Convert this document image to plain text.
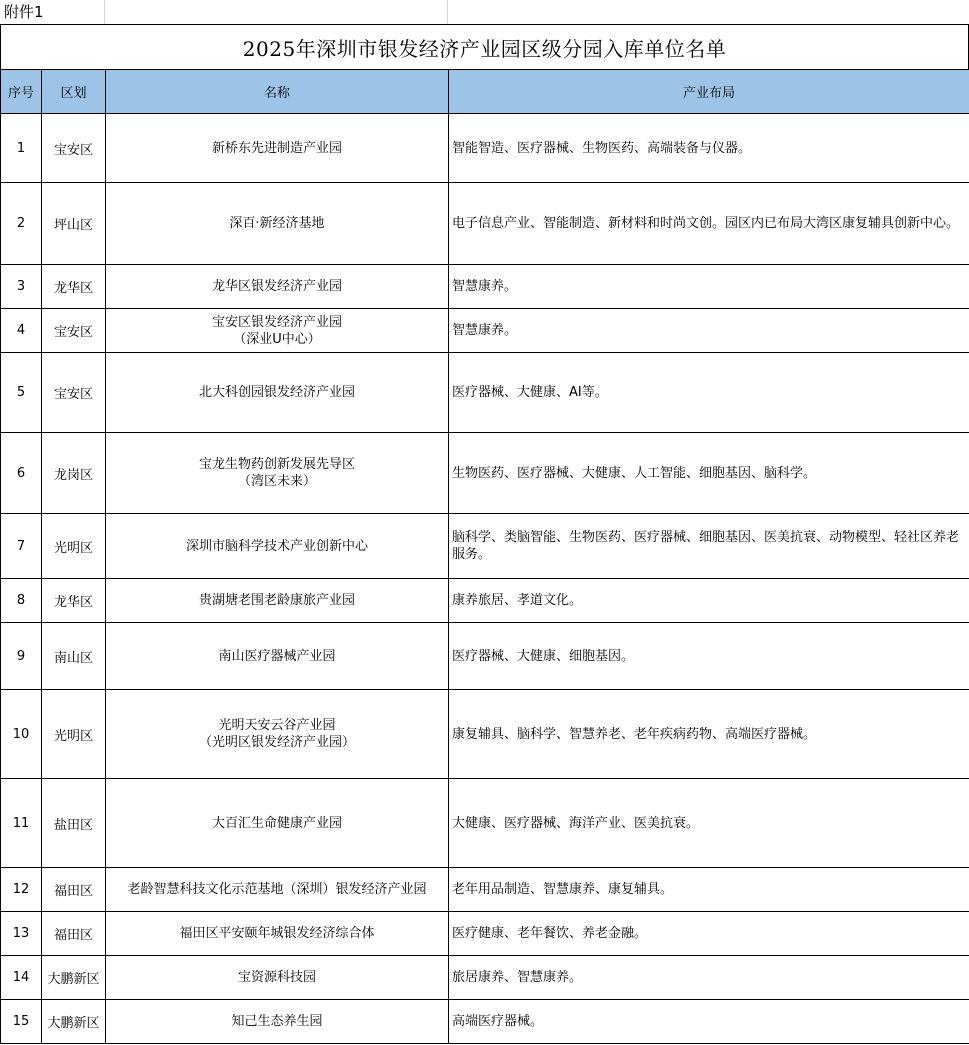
附件1
2025年深圳市银发经济产业园区级分园入库单位名单
序号	区划	名称	产业布局
1	宝安区	新桥东先进制造产业园	智能智造、医疗器械、生物医药、高端装备与仪器。
2	坪山区	深百·新经济基地	电子信息产业、智能制造、新材料和时尚文创。园区内已布局大湾区康复辅具创新中心。
3	龙华区	龙华区银发经济产业园	智慧康养。
4	宝安区	宝安区银发经济产业园
（深业U中心）	智慧康养。
5	宝安区	北大科创园银发经济产业园	医疗器械、大健康、AI等。
6	龙岗区	宝龙生物药创新发展先导区
（湾区未来）	生物医药、医疗器械、大健康、人工智能、细胞基因、脑科学。
7	光明区	深圳市脑科学技术产业创新中心	脑科学、类脑智能、生物医药、医疗器械、细胞基因、医美抗衰、动物模型、轻社区养老服务。
8	龙华区	贵湖塘老围老龄康旅产业园	康养旅居、孝道文化。
9	南山区	南山医疗器械产业园	医疗器械、大健康、细胞基因。
10	光明区	光明天安云谷产业园
（光明区银发经济产业园）	康复辅具、脑科学、智慧养老、老年疾病药物、高端医疗器械。
11	盐田区	大百汇生命健康产业园	大健康、医疗器械、海洋产业、医美抗衰。
12	福田区	老龄智慧科技文化示范基地（深圳）银发经济产业园	老年用品制造、智慧康养、康复辅具。
13	福田区	福田区平安颐年城银发经济综合体	医疗健康、老年餐饮、养老金融。
14	大鹏新区	宝资源科技园	旅居康养、智慧康养。
15	大鹏新区	知己生态养生园	高端医疗器械。
